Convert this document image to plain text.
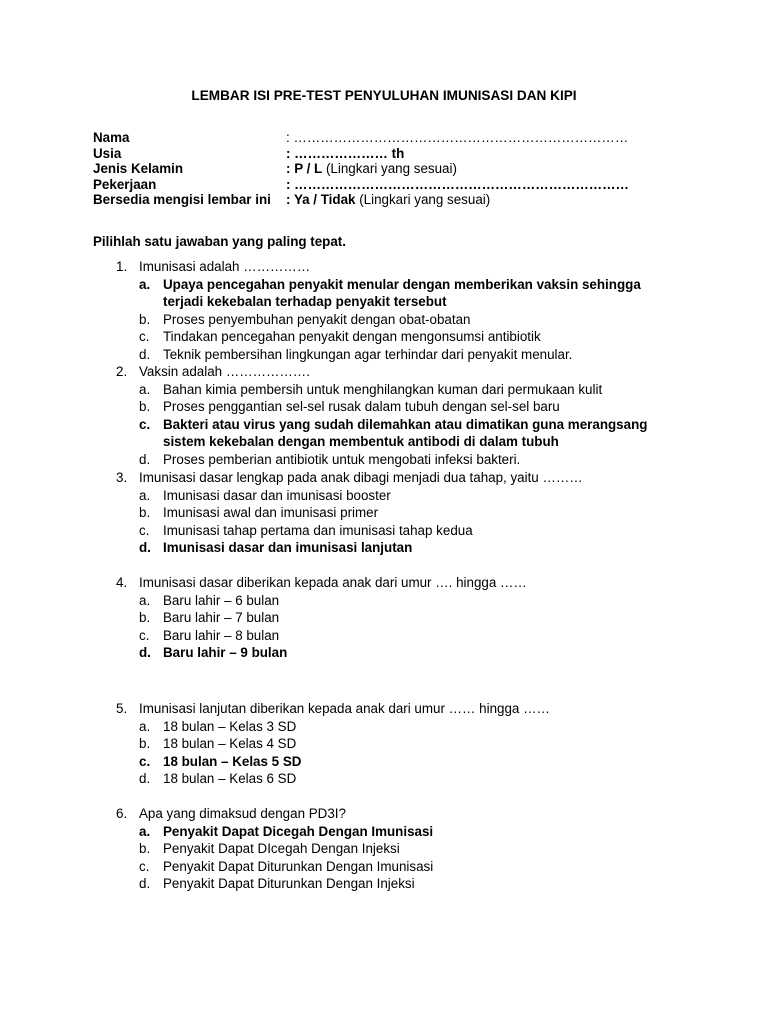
LEMBAR ISI PRE-TEST PENYULUHAN IMUNISASI DAN KIPI
Nama	: …………………………………………………………………
Usia	: ………………… th
Jenis Kelamin	: P / L (Lingkari yang sesuai)
Pekerjaan	: …………………………………………………………………
Bersedia mengisi lembar ini : Ya / Tidak (Lingkari yang sesuai)
Pilihlah satu jawaban yang paling tepat.
1. Imunisasi adalah ……………
a. Upaya pencegahan penyakit menular dengan memberikan vaksin sehingga terjadi kekebalan terhadap penyakit tersebut
b. Proses penyembuhan penyakit dengan obat-obatan
c. Tindakan pencegahan penyakit dengan mengonsumsi antibiotik
d. Teknik pembersihan lingkungan agar terhindar dari penyakit menular.
2. Vaksin adalah ……………….
a. Bahan kimia pembersih untuk menghilangkan kuman dari permukaan kulit
b. Proses penggantian sel-sel rusak dalam tubuh dengan sel-sel baru
c. Bakteri atau virus yang sudah dilemahkan atau dimatikan guna merangsang sistem kekebalan dengan membentuk antibodi di dalam tubuh
d. Proses pemberian antibiotik untuk mengobati infeksi bakteri.
3. Imunisasi dasar lengkap pada anak dibagi menjadi dua tahap, yaitu ………
a. Imunisasi dasar dan imunisasi booster
b. Imunisasi awal dan imunisasi primer
c. Imunisasi tahap pertama dan imunisasi tahap kedua
d. Imunisasi dasar dan imunisasi lanjutan
4. Imunisasi dasar diberikan kepada anak dari umur …. hingga ……
a. Baru lahir – 6 bulan
b. Baru lahir – 7 bulan
c. Baru lahir – 8 bulan
d. Baru lahir – 9 bulan
5. Imunisasi lanjutan diberikan kepada anak dari umur …… hingga ……
a. 18 bulan – Kelas 3 SD
b. 18 bulan – Kelas 4 SD
c. 18 bulan – Kelas 5 SD
d. 18 bulan – Kelas 6 SD
6. Apa yang dimaksud dengan PD3I?
a. Penyakit Dapat Dicegah Dengan Imunisasi
b. Penyakit Dapat DIcegah Dengan Injeksi
c. Penyakit Dapat Diturunkan Dengan Imunisasi
d. Penyakit Dapat Diturunkan Dengan Injeksi
